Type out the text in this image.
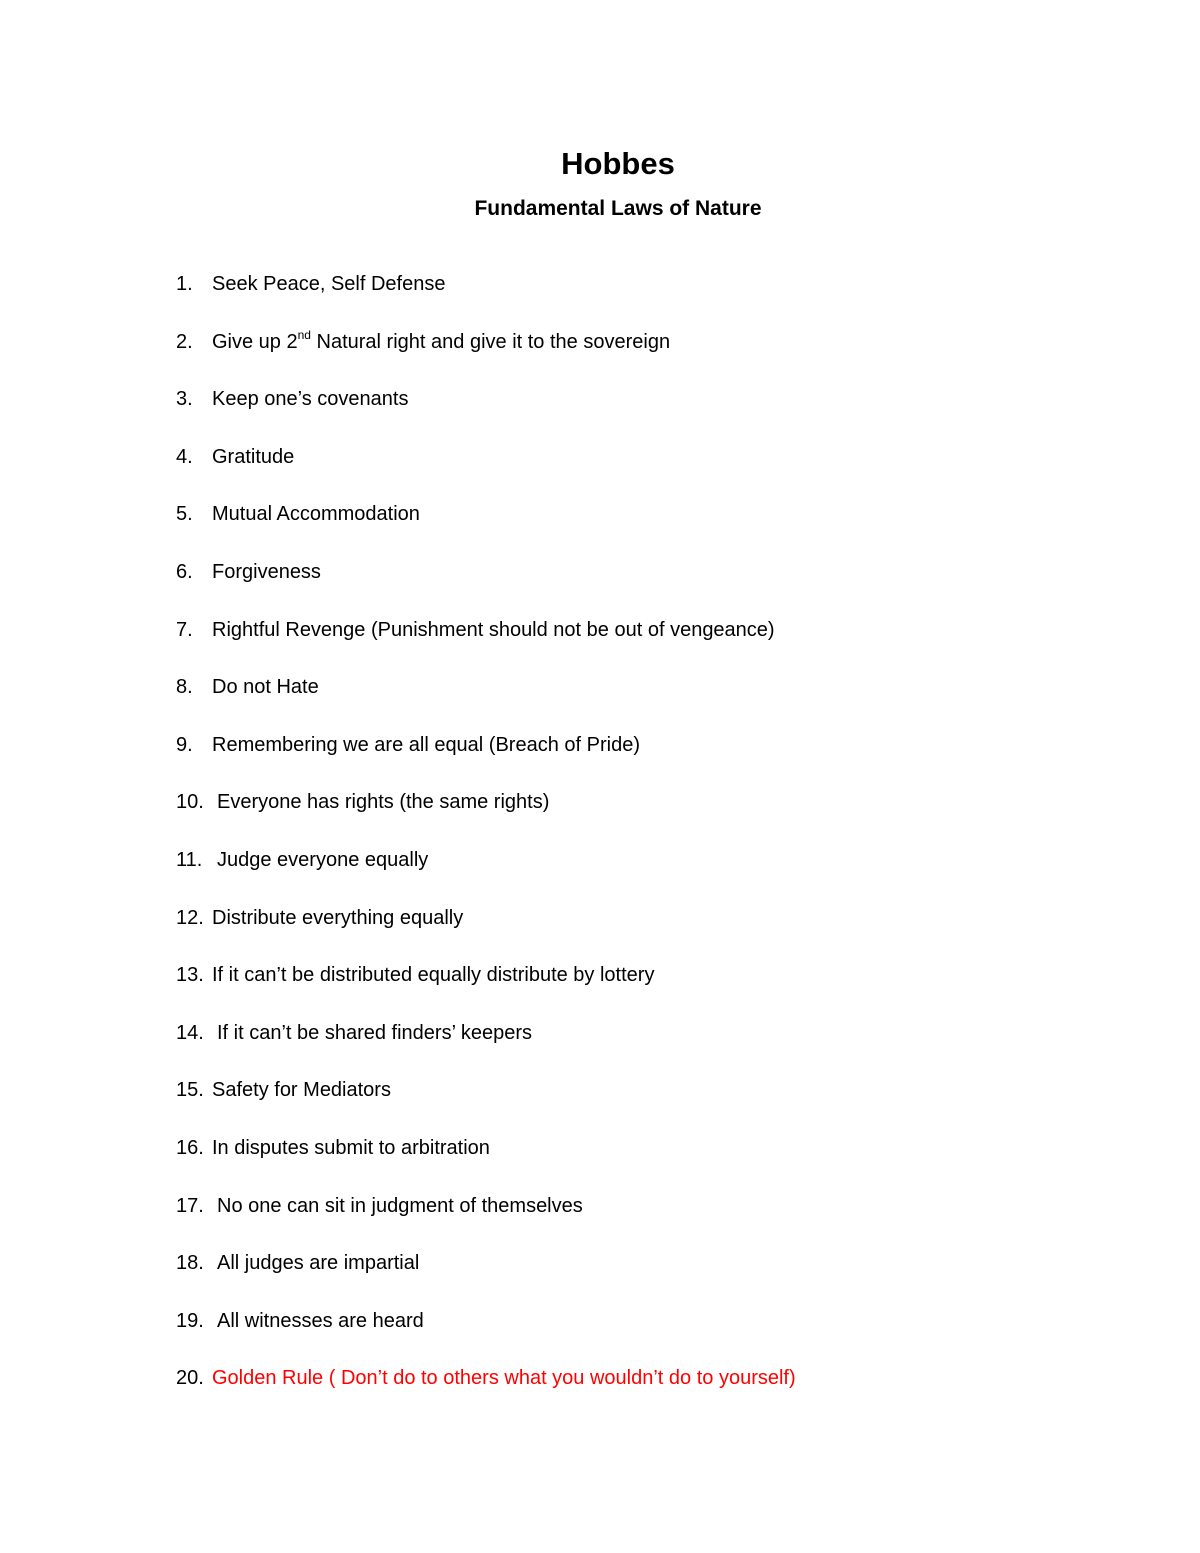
Hobbes
Fundamental Laws of Nature
1. Seek Peace, Self Defense
2. Give up 2nd Natural right and give it to the sovereign
3. Keep one’s covenants
4. Gratitude
5. Mutual Accommodation
6. Forgiveness
7. Rightful Revenge (Punishment should not be out of vengeance)
8. Do not Hate
9. Remembering we are all equal (Breach of Pride)
10. Everyone has rights (the same rights)
11. Judge everyone equally
12. Distribute everything equally
13. If it can’t be distributed equally distribute by lottery
14. If it can’t be shared finders’ keepers
15. Safety for Mediators
16. In disputes submit to arbitration
17. No one can sit in judgment of themselves
18. All judges are impartial
19. All witnesses are heard
20. Golden Rule ( Don’t do to others what you wouldn’t do to yourself)
